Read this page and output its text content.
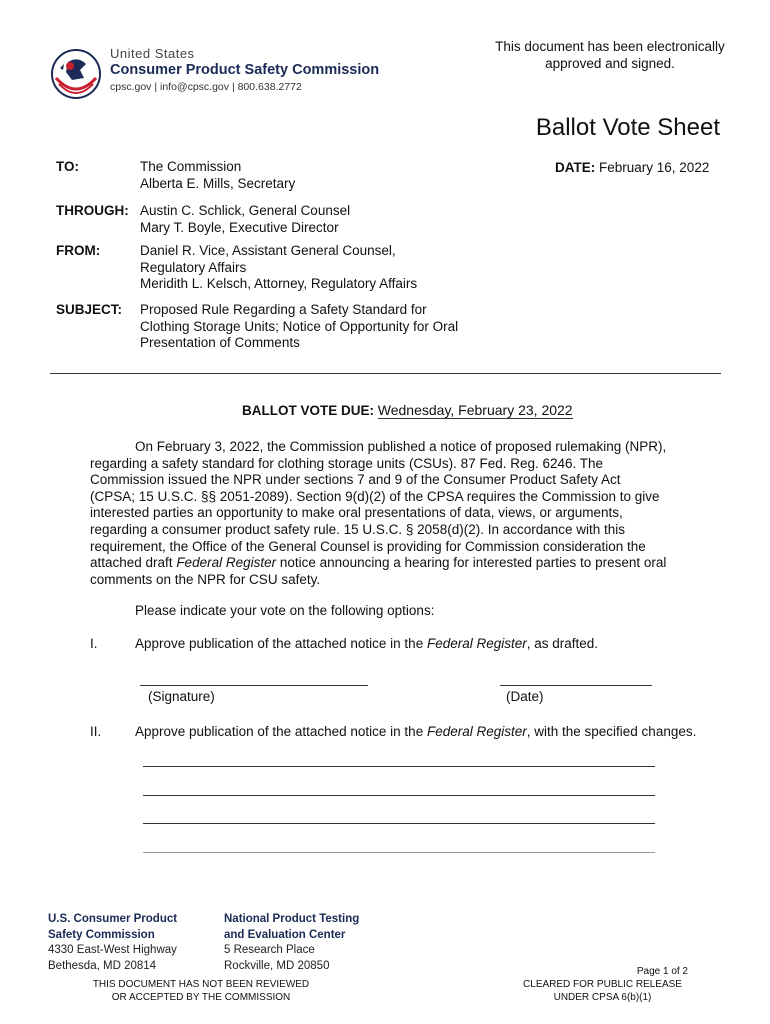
United States
Consumer Product Safety Commission
cpsc.gov | info@cpsc.gov | 800.638.2772
This document has been electronically
approved and signed.
Ballot Vote Sheet
TO:	The Commission
Alberta E. Mills, Secretary
DATE: February 16, 2022
THROUGH: Austin C. Schlick, General Counsel
Mary T. Boyle, Executive Director
FROM:	Daniel R. Vice, Assistant General Counsel,
Regulatory Affairs
Meridith L. Kelsch, Attorney, Regulatory Affairs
SUBJECT: Proposed Rule Regarding a Safety Standard for
Clothing Storage Units; Notice of Opportunity for Oral
Presentation of Comments
BALLOT VOTE DUE: Wednesday, February 23, 2022
On February 3, 2022, the Commission published a notice of proposed rulemaking (NPR),
regarding a safety standard for clothing storage units (CSUs). 87 Fed. Reg. 6246. The
Commission issued the NPR under sections 7 and 9 of the Consumer Product Safety Act
(CPSA; 15 U.S.C. §§ 2051-2089). Section 9(d)(2) of the CPSA requires the Commission to give
interested parties an opportunity to make oral presentations of data, views, or arguments,
regarding a consumer product safety rule. 15 U.S.C. § 2058(d)(2). In accordance with this
requirement, the Office of the General Counsel is providing for Commission consideration the
attached draft Federal Register notice announcing a hearing for interested parties to present oral
comments on the NPR for CSU safety.
Please indicate your vote on the following options:
I.	Approve publication of the attached notice in the Federal Register, as drafted.
(Signature)	(Date)
II. Approve publication of the attached notice in the Federal Register, with the specified changes.
U.S. Consumer Product
Safety Commission
4330 East-West Highway
Bethesda, MD 20814
National Product Testing
and Evaluation Center
5 Research Place
Rockville, MD 20850
THIS DOCUMENT HAS NOT BEEN REVIEWED
OR ACCEPTED BY THE COMMISSION
Page 1 of 2
CLEARED FOR PUBLIC RELEASE
UNDER CPSA 6(b)(1)
